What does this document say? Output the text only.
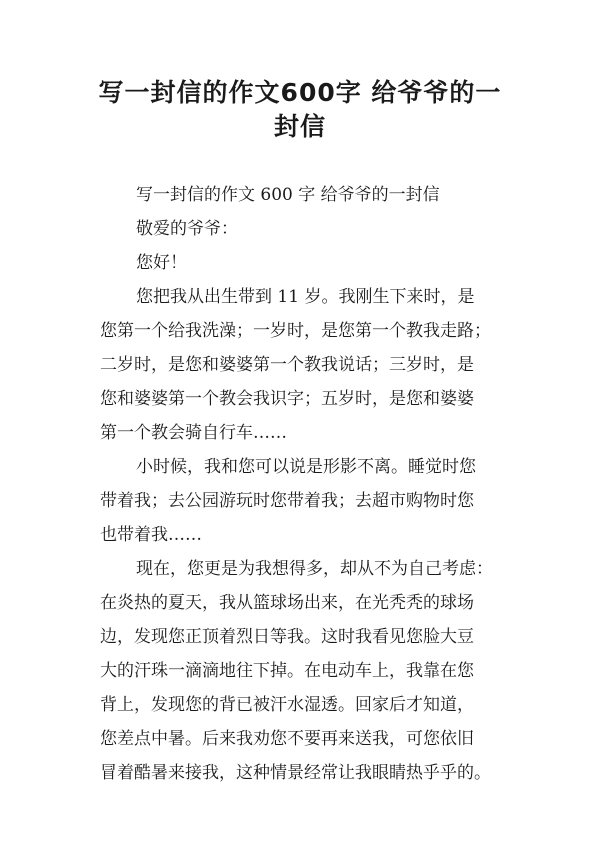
写一封信的作文600字 给爷爷的一封信
写一封信的作文 600 字 给爷爷的一封信
敬爱的爷爷：
您好！
您把我从出生带到 11 岁。我刚生下来时，是
您第一个给我洗澡；一岁时，是您第一个教我走路；
二岁时，是您和婆婆第一个教我说话；三岁时，是
您和婆婆第一个教会我识字；五岁时，是您和婆婆
第一个教会骑自行车……
小时候，我和您可以说是形影不离。睡觉时您
带着我；去公园游玩时您带着我；去超市购物时您
也带着我……
现在，您更是为我想得多，却从不为自己考虑：
在炎热的夏天，我从篮球场出来，在光秃秃的球场
边，发现您正顶着烈日等我。这时我看见您脸大豆
大的汗珠一滴滴地往下掉。在电动车上，我靠在您
背上，发现您的背已被汗水湿透。回家后才知道，
您差点中暑。后来我劝您不要再来送我，可您依旧
冒着酷暑来接我，这种情景经常让我眼睛热乎乎的。
